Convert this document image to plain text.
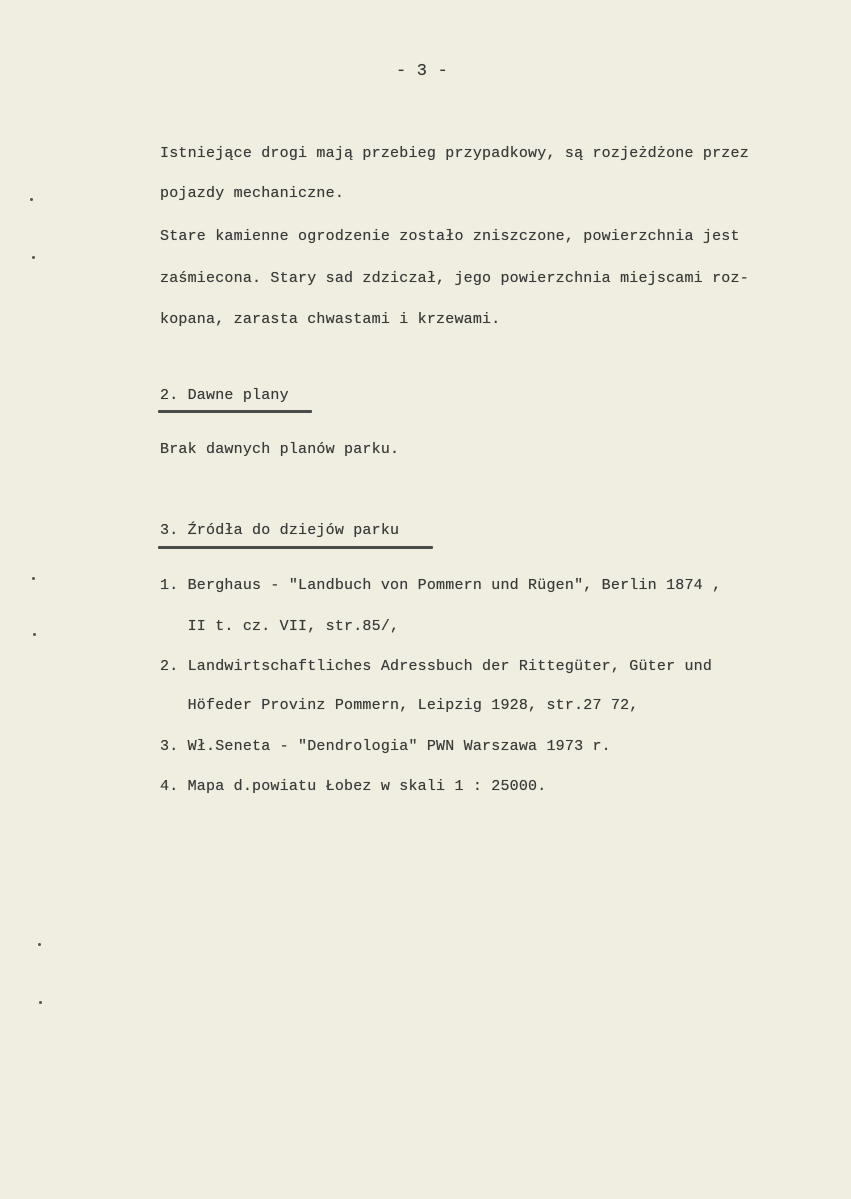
- 3 -
Istniejące drogi mają przebieg przypadkowy, są rozjeżdżone przez
pojazdy mechaniczne.
Stare kamienne ogrodzenie zostało zniszczone, powierzchnia jest
zaśmiecona. Stary sad zdziczał, jego powierzchnia miejscami roz-
kopana, zarasta chwastami i krzewami.
2. Dawne plany
Brak dawnych planów parku.
3. Źródła do dziejów parku
1. Berghaus - "Landbuch von Pommern und Rügen", Berlin 1874 ,
II t. cz. VII, str.85/,
2. Landwirtschaftliches Adressbuch der Rittegüter, Güter und
Höfeder Provinz Pommern, Leipzig 1928, str.27 72,
3. Wł.Seneta - "Dendrologia" PWN Warszawa 1973 r.
4. Mapa d.powiatu Łobez w skali 1 : 25000.
